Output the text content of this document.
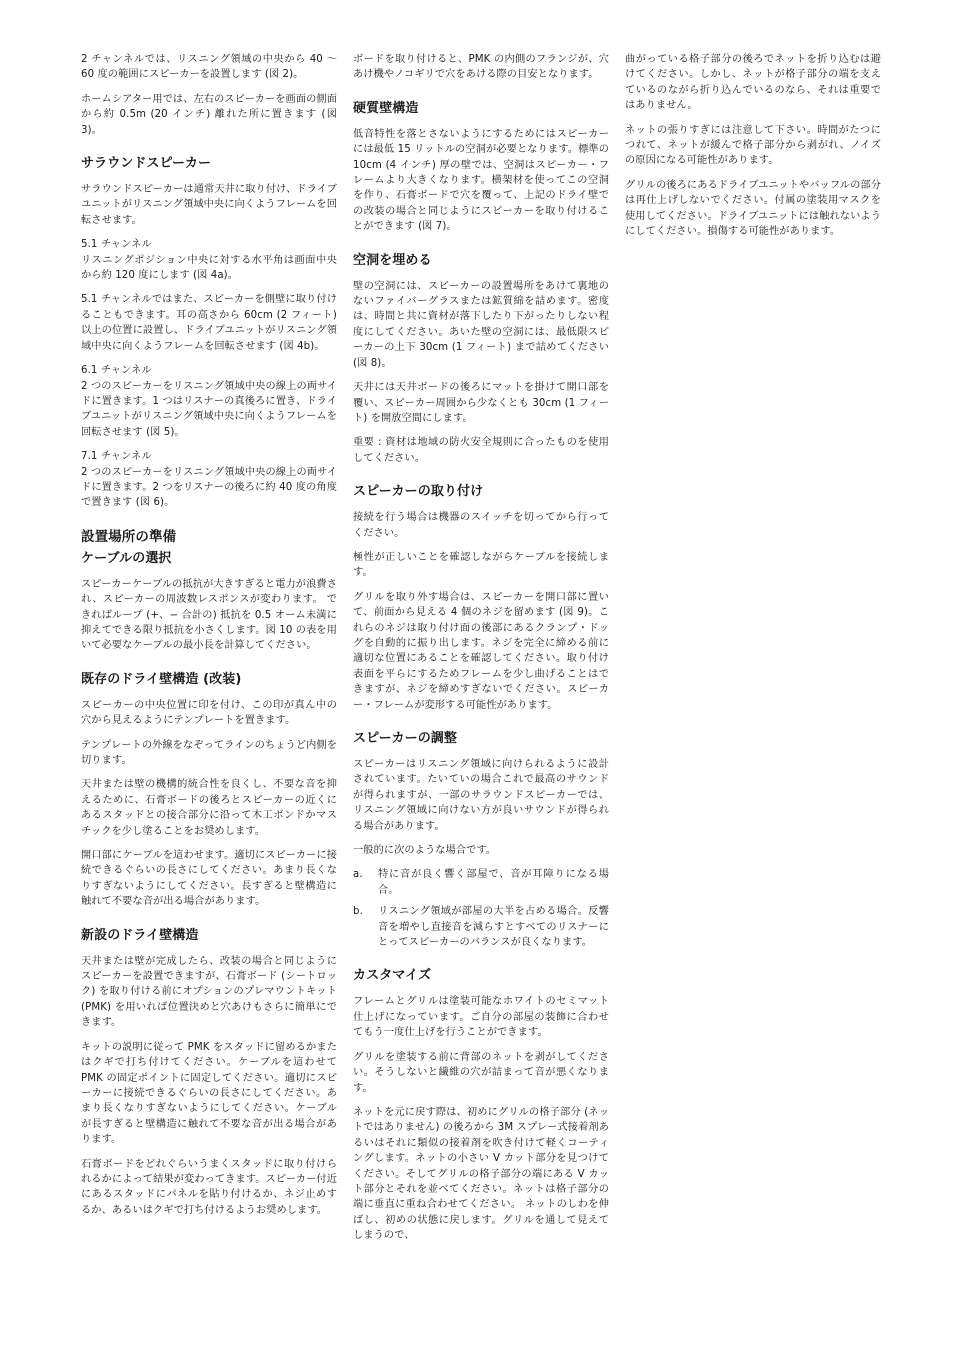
2 チャンネルでは、リスニング領域の中央から 40 〜 60 度の範囲にスピーカーを設置します (図 2)。

ホームシアター用では、左右のスピーカーを画面の側面から約 0.5m (20 インチ) 離れた所に置きます (図 3)。

サラウンドスピーカー

サラウンドスピーカーは通常天井に取り付け、ドライブユニットがリスニング領域中央に向くようフレームを回転させます。

5.1 チャンネル

リスニングポジション中央に対する水平角は画面中央から約 120 度にします (図 4a)。

5.1 チャンネルではまた、スピーカーを側壁に取り付けることもできます。耳の高さから 60cm (2 フィート) 以上の位置に設置し、ドライブユニットがリスニング領域中央に向くようフレームを回転させます (図 4b)。

6.1 チャンネル

2 つのスピーカーをリスニング領域中央の線上の両サイドに置きます。1 つはリスナーの真後ろに置き、ドライブユニットがリスニング領域中央に向くようフレームを回転させます (図 5)。

7.1 チャンネル

2 つのスピーカーをリスニング領域中央の線上の両サイドに置きます。2 つをリスナーの後ろに約 40 度の角度で置きます (図 6)。

設置場所の準備
ケーブルの選択

スピーカーケーブルの抵抗が大きすぎると電力が浪費され、スピーカーの周波数レスポンスが変わります。 できればループ (+、− 合計の) 抵抗を 0.5 オーム未満に抑えてできる限り抵抗を小さくします。図 10 の表を用いて必要なケーブルの最小長を計算してください。

既存のドライ壁構造 (改装)

スピーカーの中央位置に印を付け、この印が真ん中の穴から見えるようにテンプレートを置きます。

テンプレートの外線をなぞってラインのちょうど内側を切ります。

天井または壁の機構的統合性を良くし、不要な音を抑えるために、石膏ボードの後ろとスピーカーの近くにあるスタッドとの接合部分に沿って木工ボンドかマスチックを少し塗ることをお奨めします。

開口部にケーブルを這わせます。適切にスピーカーに接続できるぐらいの長さにしてください。あまり長くなりすぎないようにしてください。長すぎると壁構造に触れて不要な音が出る場合があります。

新設のドライ壁構造

天井または壁が完成したら、改装の場合と同じようにスピーカーを設置できますが、石膏ボード (シートロック) を取り付ける前にオプションのプレマウントキット (PMK) を用いれば位置決めと穴あけもさらに簡単にできます。

キットの説明に従って PMK をスタッドに留めるかまたはクギで打ち付けてください。ケーブルを這わせて PMK の固定ポイントに固定してください。適切にスピーカーに接続できるぐらいの長さにしてください。あまり長くなりすぎないようにしてください。ケーブルが長すぎると壁構造に触れて不要な音が出る場合があります。

石膏ボードをどれぐらいうまくスタッドに取り付けられるかによって結果が変わってきます。スピーカー付近にあるスタッドにパネルを貼り付けるか、ネジ止めするか、あるいはクギで打ち付けるようお奨めします。

ボードを取り付けると、PMK の内側のフランジが、穴あけ機やノコギリで穴をあける際の目安となります。

硬質壁構造

低音特性を落とさないようにするためにはスピーカーには最低 15 リットルの空洞が必要となります。標準の 10cm (4 インチ) 厚の壁では、空洞はスピーカー・フレームより大きくなります。横架材を使ってこの空洞を作り、石膏ボードで穴を覆って、上記のドライ壁での改装の場合と同じようにスピーカーを取り付けることができます (図 7)。

空洞を埋める

壁の空洞には、スピーカーの設置場所をあけて裏地のないファイバーグラスまたは鉱質綿を詰めます。密度は、時間と共に資材が落下したり下がったりしない程度にしてください。あいた壁の空洞には、最低限スピーカーの上下 30cm (1 フィート) まで詰めてください (図 8)。

天井には天井ボードの後ろにマットを掛けて開口部を覆い、スピーカー周囲から少なくとも 30cm (1 フィート) を開放空間にします。

重要 : 資材は地域の防火安全規則に合ったものを使用してください。

スピーカーの取り付け

接続を行う場合は機器のスイッチを切ってから行ってください。

極性が正しいことを確認しながらケーブルを接続します。

グリルを取り外す場合は、スピーカーを開口部に置いて、前面から見える 4 個のネジを留めます (図 9)。これらのネジは取り付け面の後部にあるクランプ・ドッグを自動的に振り出します。ネジを完全に締める前に適切な位置にあることを確認してください。取り付け表面を平らにするためフレームを少し曲げることはできますが、ネジを締めすぎないでください。スピーカー・フレームが変形する可能性があります。

スピーカーの調整

スピーカーはリスニング領域に向けられるように設計されています。たいていの場合これで最高のサウンドが得られますが、一部のサラウンドスピーカーでは、リスニング領域に向けない方が良いサウンドが得られる場合があります。

一般的に次のような場合です。

a.	特に音が良く響く部屋で、音が耳障りになる場合。
b.	リスニング領域が部屋の大半を占める場合。反響音を増やし直接音を減らすとすべてのリスナーにとってスピーカーのバランスが良くなります。
カスタマイズ

フレームとグリルは塗装可能なホワイトのセミマット仕上げになっています。ご自分の部屋の装飾に合わせてもう一度仕上げを行うことができます。

グリルを塗装する前に背部のネットを剥がしてください。そうしないと繊維の穴が詰まって音が悪くなります。

ネットを元に戻す際は、初めにグリルの格子部分 (ネットではありません) の後ろから 3M スプレー式接着剤あるいはそれに類似の接着剤を吹き付けて軽くコーティングします。ネットの小さい V カット部分を見つけてください。そしてグリルの格子部分の端にある V カット部分とそれを並べてください。ネットは格子部分の端に垂直に重ね合わせてください。 ネットのしわを伸ばし、初めの状態に戻します。グリルを通して見えてしまうので、

曲がっている格子部分の後ろでネットを折り込むは避けてください。しかし、ネットが格子部分の端を支えているのながら折り込んでいるのなら、それは重要ではありません。

ネットの張りすぎには注意して下さい。時間がたつにつれて、ネットが緩んで格子部分から剥がれ、ノイズの原因になる可能性があります。

グリルの後ろにあるドライブユニットやバッフルの部分は再仕上げしないでください。付属の塗装用マスクを使用してください。ドライブユニットには触れないようにしてください。損傷する可能性があります。
